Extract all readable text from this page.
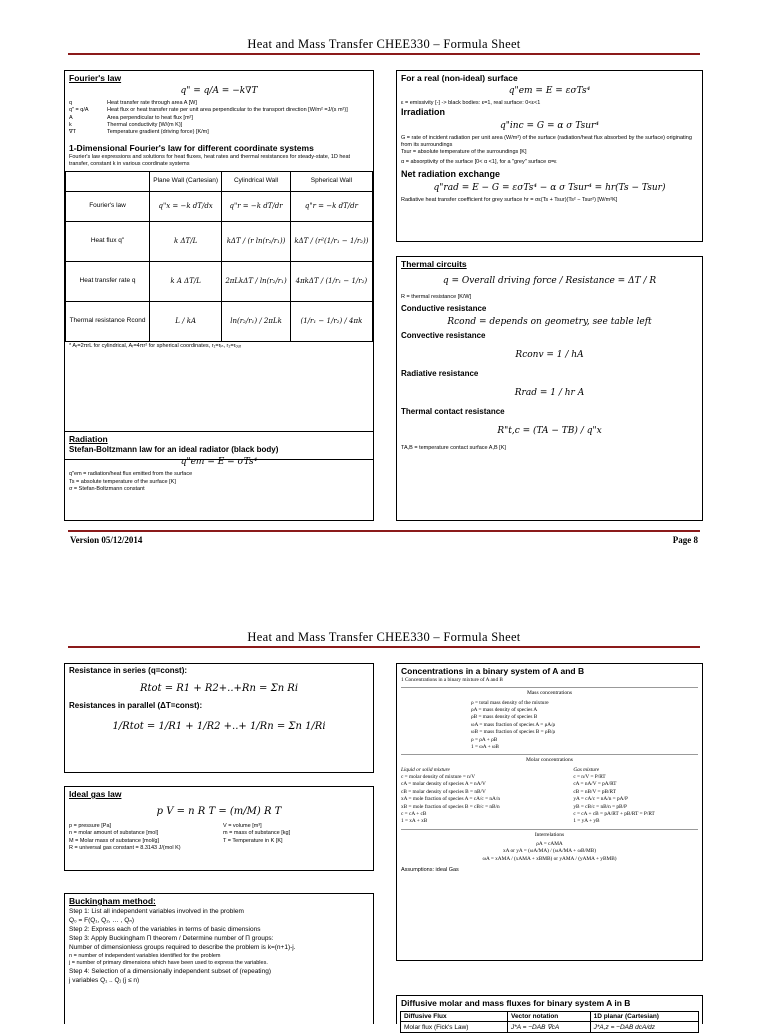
Heat and Mass Transfer CHEE330 – Formula Sheet
Fourier's law
q" = q/A = −k∇T
q	Heat transfer rate through area A [W]
q" = q/A	Heat flux or heat transfer rate per unit area perpendicular to the transport direction [W/m² =J/(s m²)]
A	Area perpendicular to heat flux [m²]
k	Thermal conductivity [W/(m K)]
∇T	Temperature gradient (driving force) [K/m]
1-Dimensional Fourier's law for different coordinate systems
Fourier's law expressions and solutions for heat fluxes, heat rates and thermal resistances for steady-state, 1D heat transfer, constant k in various coordinate systems
	Plane Wall (Cartesian)	Cylindrical Wall	Spherical Wall
Fourier's law	q"x = −k dT/dx	q"r = −k dT/dr	q"r = −k dT/dr
Heat flux q"	k ΔT/L	kΔT / (r ln(r₂/r₁))	kΔT / (r²(1/r₁ − 1/r₂))
Heat transfer rate q	k A ΔT/L	2πLkΔT / ln(r₂/r₁)	4πkΔT / (1/r₁ − 1/r₂)
Thermal resistance Rcond	L / kA	ln(r₂/r₁) / 2πLk	(1/r₁ − 1/r₂) / 4πk
* Aᵣ=2πrL for cylindrical, Aᵣ=4πr² for spherical coordinates, r₁=rᵢₙ, r₂=rₒᵤₜ
Radiation
Stefan-Boltzmann law for an ideal radiator (black body)
q"em = E = σTs⁴
q"em = radiation/heat flux emitted from the surface
Ts = absolute temperature of the surface [K]
σ = Stefan-Boltzmann constant
For a real (non-ideal) surface
q"em = E = εσTs⁴
ε = emissivity [-] -> black bodies: ε=1, real surface: 0<ε<1
Irradiation
q"inc = G = α σ Tsur⁴
G = rate of incident radiation per unit area (W/m²) of the surface (radiation/heat flux absorbed by the surface) originating from its surroundings
Tsur = absolute temperature of the surroundings [K]
α = absorptivity of the surface [0< α <1], for a "grey" surface α=ε
Net radiation exchange
q"rad = E − G = εσTs⁴ − α σ Tsur⁴ = hr(Ts − Tsur)
Radiative heat transfer coefficient for grey surface hr = σε(Ts + Tsur)(Ts² − Tsur²) [W/m²K]
Thermal circuits
q = Overall driving force / Resistance = ΔT / R
R = thermal resistance [K/W]
Conductive resistance
Rcond = depends on geometry, see table left
Convective resistance
Rconv = 1 / hA
Radiative resistance
Rrad = 1 / hr A
Thermal contact resistance
R"t,c = (TA − TB) / q"x
TA,B = temperature contact surface A,B [K]
Version 05/12/2014	Page 8
Heat and Mass Transfer CHEE330 – Formula Sheet
Resistance in series (q=const):
Rtot = R1 + R2+..+Rn = Σn Ri
Resistances in parallel (ΔT=const):
1/Rtot = 1/R1 + 1/R2 +..+ 1/Rn = Σn 1/Ri
Ideal gas law
p V = n R T = (m/M) R T
p = pressure [Pa]	V = volume [m³]
n = molar amount of substance [mol]	m = mass of substance [kg]
M = Molar mass of substance [mol/g]	T = Temperature in K [K]
R = universal gas constant = 8.3143 J/(mol K)
Buckingham method:
Step 1: List all independent variables involved in the problem
Q₀ = F(Q₁, Q₂, … , Qₙ)
Step 2: Express each of the variables in terms of basic dimensions
Step 3: Apply Buckingham Π theorem / Determine number of Π groups:
Number of dimensionless groups required to describe the problem is k=(n+1)-j.
n = number of independent variables identified for the problem
j = number of primary dimensions which have been used to express the variables.
Step 4: Selection of a dimensionally independent subset of (repeating)
j variables Q₁ .. Qⱼ (j ≤ n)
Concentrations in a binary system of A and B
1 Concentrations in a binary mixture of A and B
Mass concentrations
ρ = total mass density of the mixture
ρA = mass density of species A
ρB = mass density of species B
ωA = mass fraction of species A = ρA/ρ
ωB = mass fraction of species B = ρB/ρ
ρ = ρA + ρB
1 = ωA + ωB
Molar concentrations
Liquid or solid mixture
c = molar density of mixture = n/V
cA = molar density of species A = nA/V
cB = molar density of species B = nB/V
xA = mole fraction of species A = cA/c = nA/n
xB = mole fraction of species B = cB/c = nB/n
c = cA + cB
1 = xA + xB
Gas mixture
c = n/V = P/RT
cA = nA/V = pA/RT
cB = nB/V = pB/RT
yA = cA/c = nA/n = pA/P
yB = cB/c = nB/n = pB/P
c = cA + cB = pA/RT + pB/RT = P/RT
1 = yA + yB
Interrelations
ρA = cAMA
xA or yA = (ωA/MA) / (ωA/MA + ωB/MB)
ωA = xAMA / (xAMA + xBMB) or yAMA / (yAMA + yBMB)
Assumptions: ideal Gas
Diffusive molar and mass fluxes for binary system A in B
Diffusive Flux	Vector notation	1D planar (Cartesian)
Molar flux (Fick's Law)	J*A = −DAB ∇cA	J*A,z = −DAB dcA/dz
